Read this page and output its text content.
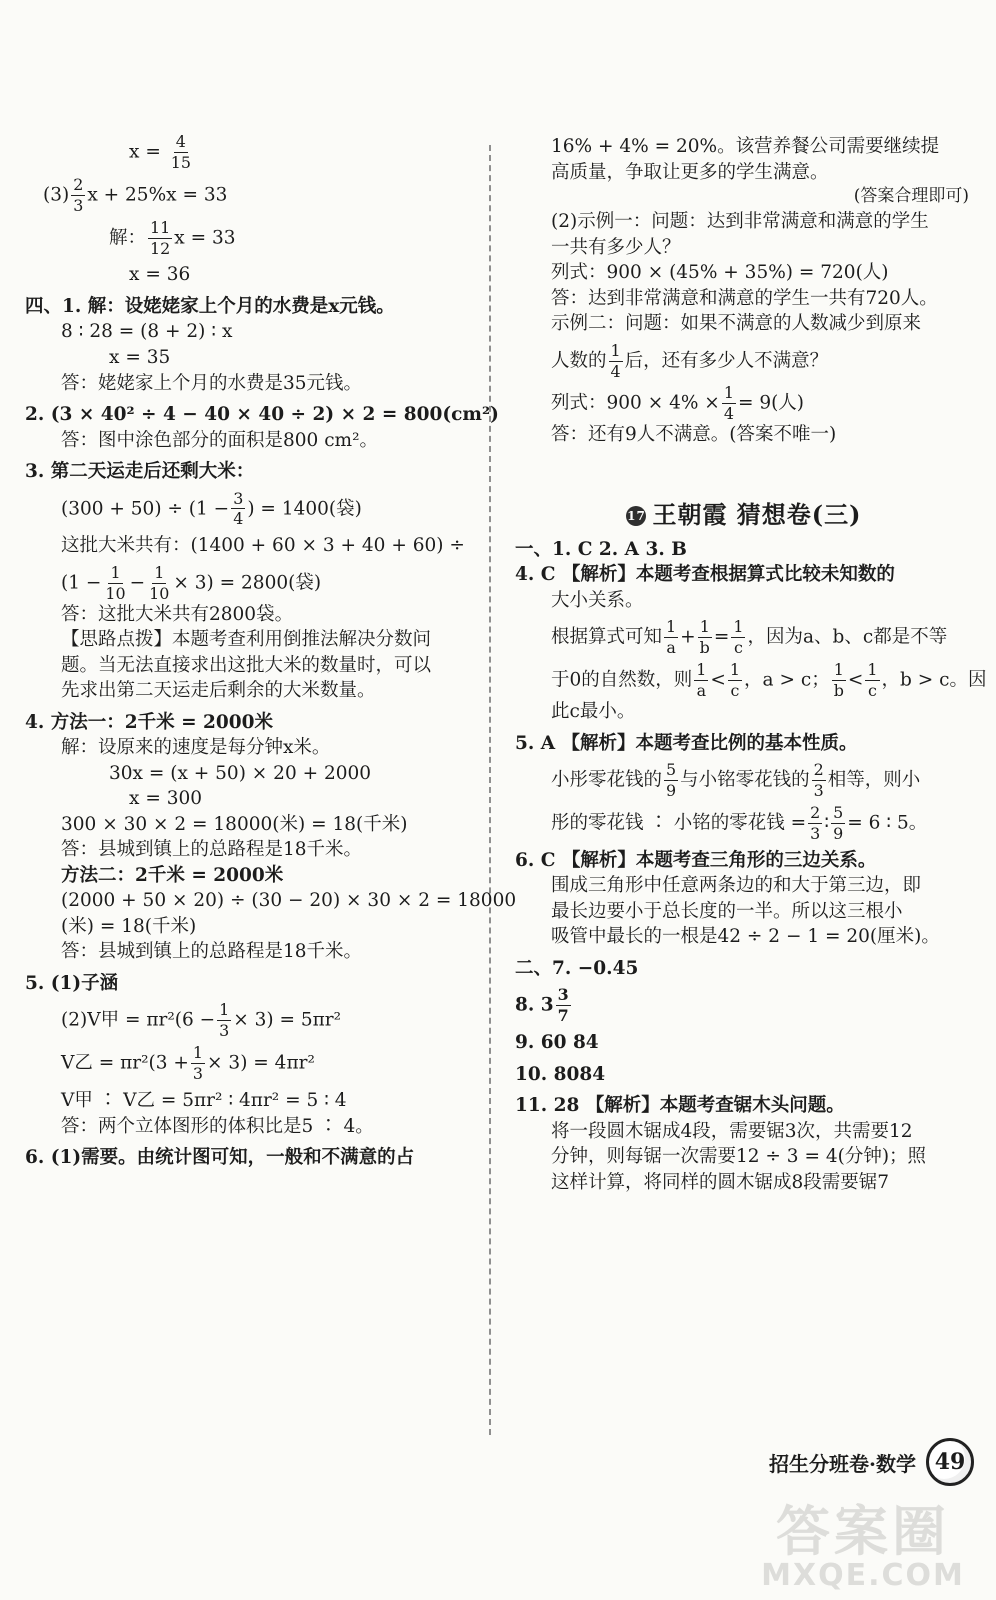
$x = \frac{4}{15}$
$(3) \frac{2}{3}$ x + 25%x = 33
解： $\frac{11}{12}$ x = 33
x = 36
四、1. 解：设姥姥家上个月的水费是x元钱。
8 ∶ 28 = (8 + 2) ∶ x
x = 35
答：姥姥家上个月的水费是35元钱。
2. (3 × 40² ÷ 4 − 40 × 40 ÷ 2) × 2 = 800(cm²)
答：图中涂色部分的面积是800 cm²。
3. 第二天运走后还剩大米：
$(300 + 50) \div (1 - \frac{3}{4}$ ) = 1400(袋)
这批大米共有：(1400 + 60 × 3 + 40 + 60) ÷
$(1 - \frac{1}{10} - \frac{1}{10} \times 3) = 2800$(袋)
答：这批大米共有2800袋。
【思路点拨】本题考查利用倒推法解决分数问
题。当无法直接求出这批大米的数量时，可以
先求出第二天运走后剩余的大米数量。
4. 方法一：2千米 = 2000米
解：设原来的速度是每分钟x米。
30x = (x + 50) × 20 + 2000
x = 300
300 × 30 × 2 = 18000(米) = 18(千米)
答：县城到镇上的总路程是18千米。
方法二：2千米 = 2000米
(2000 + 50 × 20) ÷ (30 − 20) × 30 × 2 = 18000
(米) = 18(千米)
答：县城到镇上的总路程是18千米。
5. (1)子涵
(2)V甲 = $\pi r^2(6 - \frac{1}{3} \times 3) = 5\pi r^2$
V乙 = $\pi r^2(3 + \frac{1}{3} \times 3) = 4\pi r^2$
V甲 ∶ V乙 = 5πr² ∶ 4πr² = 5 ∶ 4
答：两个立体图形的体积比是5 ∶ 4。
6. (1)需要。由统计图可知，一般和不满意的占
16% + 4% = 20%。该营养餐公司需要继续提
高质量，争取让更多的学生满意。
(答案合理即可)
(2)示例一：问题：达到非常满意和满意的学生
一共有多少人？
列式：900 × (45% + 35%) = 720(人)
答：达到非常满意和满意的学生一共有720人。
示例二：问题：如果不满意的人数减少到原来
人数的 $\frac{1}{4}$ 后，还有多少人不满意？
列式：$900 \times 4\% \times \frac{1}{4} = 9$(人)
答：还有9人不满意。(答案不唯一)
17 王朝霞 猜想卷(三)
一、1. C 2. A 3. B
4. C 【解析】本题考查根据算式比较未知数的
大小关系。
根据算式可知 $\frac{1}{a} + \frac{1}{b} = \frac{1}{c}$ ，因为a、b、c都是不等
于0的自然数，则 $\frac{1}{a} < \frac{1}{c}$ ，a > c； $\frac{1}{b} < \frac{1}{c}$ ，b > c。因
此c最小。
5. A 【解析】本题考查比例的基本性质。
小彤零花钱的 $\frac{5}{9}$ 与小铭零花钱的 $\frac{2}{3}$ 相等，则小
彤的零花钱 ∶ 小铭的零花钱 = $\frac{2}{3}$ ∶ $\frac{5}{9} = 6$ ∶ 5。
6. C 【解析】本题考查三角形的三边关系。
围成三角形中任意两条边的和大于第三边，即
最长边要小于总长度的一半。所以这三根小
吸管中最长的一根是42 ÷ 2 − 1 = 20(厘米)。
二、7. −0.45
8. $3 \frac{3}{7}$
9. 60 84
10. 8084
11. 28 【解析】本题考查锯木头问题。
将一段圆木锯成4段，需要锯3次，共需要12
分钟，则每锯一次需要12 ÷ 3 = 4(分钟)；照
这样计算，将同样的圆木锯成8段需要锯7
招生分班卷·数学 49
答案圈
MXQE.COM
